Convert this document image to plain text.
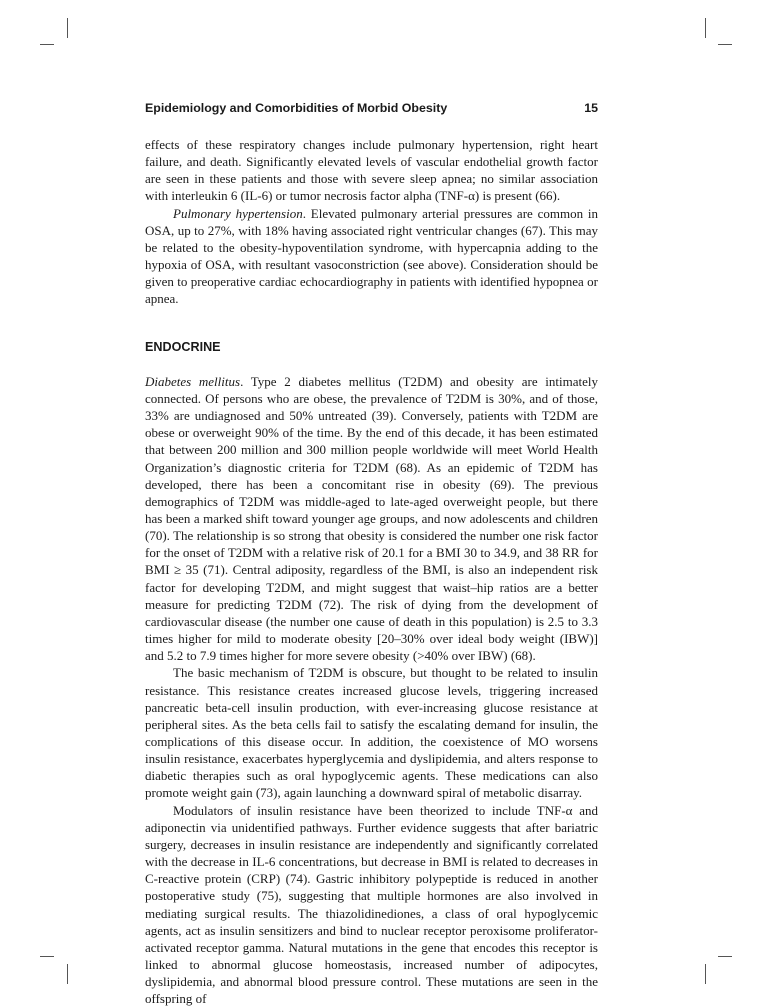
Epidemiology and Comorbidities of Morbid Obesity	15

effects of these respiratory changes include pulmonary hypertension, right heart failure, and death. Significantly elevated levels of vascular endothelial growth factor are seen in these patients and those with severe sleep apnea; no similar association with interleukin 6 (IL-6) or tumor necrosis factor alpha (TNF-α) is present (66).

Pulmonary hypertension. Elevated pulmonary arterial pressures are common in OSA, up to 27%, with 18% having associated right ventricular changes (67). This may be related to the obesity-hypoventilation syndrome, with hypercapnia adding to the hypoxia of OSA, with resultant vasoconstriction (see above). Consideration should be given to preoperative cardiac echocardiography in patients with identified hypopnea or apnea.

ENDOCRINE

Diabetes mellitus. Type 2 diabetes mellitus (T2DM) and obesity are intimately connected. Of persons who are obese, the prevalence of T2DM is 30%, and of those, 33% are undiagnosed and 50% untreated (39). Conversely, patients with T2DM are obese or overweight 90% of the time. By the end of this decade, it has been estimated that between 200 million and 300 million people worldwide will meet World Health Organization’s diagnostic criteria for T2DM (68). As an epidemic of T2DM has developed, there has been a concomitant rise in obesity (69). The previous demographics of T2DM was middle-aged to late-aged overweight people, but there has been a marked shift toward younger age groups, and now adolescents and children (70). The relationship is so strong that obesity is considered the number one risk factor for the onset of T2DM with a relative risk of 20.1 for a BMI 30 to 34.9, and 38 RR for BMI ≥ 35 (71). Central adiposity, regardless of the BMI, is also an independent risk factor for developing T2DM, and might suggest that waist–hip ratios are a better measure for predicting T2DM (72). The risk of dying from the development of cardiovascular disease (the number one cause of death in this population) is 2.5 to 3.3 times higher for mild to moderate obesity [20–30% over ideal body weight (IBW)] and 5.2 to 7.9 times higher for more severe obesity (>40% over IBW) (68).

The basic mechanism of T2DM is obscure, but thought to be related to insulin resistance. This resistance creates increased glucose levels, triggering increased pancreatic beta-cell insulin production, with ever-increasing glucose resistance at peripheral sites. As the beta cells fail to satisfy the escalating demand for insulin, the complications of this disease occur. In addition, the coexistence of MO worsens insulin resistance, exacerbates hyperglycemia and dyslipidemia, and alters response to diabetic therapies such as oral hypoglycemic agents. These medications can also promote weight gain (73), again launching a downward spiral of metabolic disarray.

Modulators of insulin resistance have been theorized to include TNF-α and adiponectin via unidentified pathways. Further evidence suggests that after bariatric surgery, decreases in insulin resistance are independently and significantly correlated with the decrease in IL-6 concentrations, but decrease in BMI is related to decreases in C-reactive protein (CRP) (74). Gastric inhibitory polypeptide is reduced in another postoperative study (75), suggesting that multiple hormones are also involved in mediating surgical results. The thiazolidinediones, a class of oral hypoglycemic agents, act as insulin sensitizers and bind to nuclear receptor peroxisome proliferator-activated receptor gamma. Natural mutations in the gene that encodes this receptor is linked to abnormal glucose homeostasis, increased number of adipocytes, dyslipidemia, and abnormal blood pressure control. These mutations are seen in the offspring of
